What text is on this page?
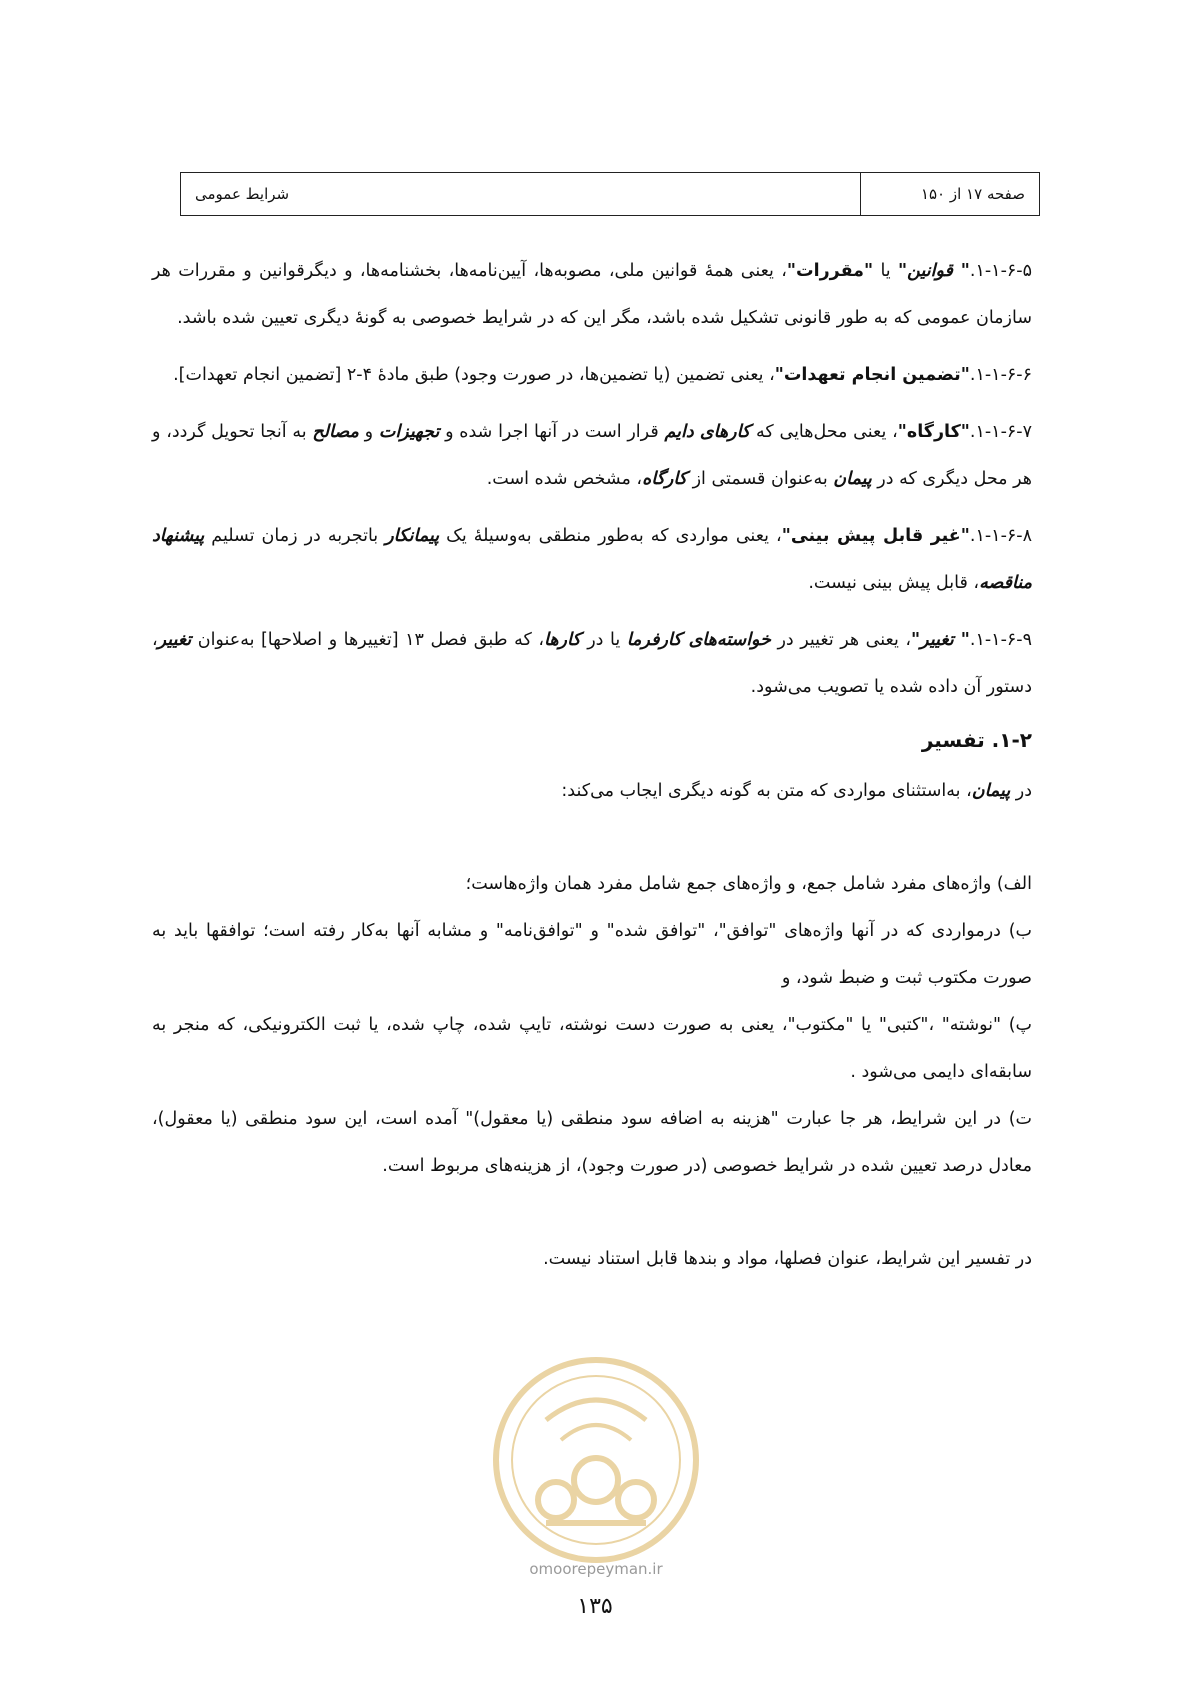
شرایط عمومی	صفحه ۱۷ از ۱۵۰

۱-۱-۶-۵." قوانین" یا "مقررات"، یعنی همهٔ قوانین ملی، مصوبه‌ها، آیین‌نامه‌ها، بخشنامه‌ها، و دیگرقوانین و مقررات هر سازمان عمومی که به طور قانونی تشکیل شده باشد، مگر این که در شرایط خصوصی به گونهٔ دیگری تعیین شده باشد.

۱-۱-۶-۶."تضمین انجام تعهدات"، یعنی تضمین (یا تضمین‌ها، در صورت وجود) طبق مادهٔ ۴-۲ [تضمین انجام تعهدات].

۱-۱-۶-۷."کارگاه"، یعنی محل‌هایی که کارهای دایم قرار است در آنها اجرا شده و تجهیزات و مصالح به آنجا تحویل گردد، و هر محل دیگری که در پیمان به‌عنوان قسمتی از کارگاه، مشخص شده است.

۱-۱-۶-۸."غیر قابل پیش بینی"، یعنی مواردی که به‌طور منطقی به‌وسیلهٔ یک پیمانکار باتجربه در زمان تسلیم پیشنهاد مناقصه، قابل پیش بینی نیست.

۱-۱-۶-۹." تغییر"، یعنی هر تغییر در خواسته‌های کارفرما یا در کارها، که طبق فصل ۱۳ [تغییرها و اصلاحها] به‌عنوان تغییر، دستور آن داده شده یا تصویب می‌شود.

۱-۲. تفسیر

در پیمان، به‌استثنای مواردی که متن به گونه دیگری ایجاب می‌کند:

الف) واژه‌های مفرد شامل جمع، و واژه‌های جمع شامل مفرد همان واژه‌هاست؛

ب) درمواردی که در آنها واژه‌های "توافق"، "توافق شده" و "توافق‌نامه" و مشابه آنها به‌کار رفته است؛ توافقها باید به صورت مکتوب ثبت و ضبط شود، و

پ) "نوشته" ،"کتبی" یا "مکتوب"، یعنی به صورت دست نوشته، تایپ شده، چاپ شده، یا ثبت الکترونیکی، که منجر به سابقه‌ای دایمی می‌شود .

ت) در این شرایط، هر جا عبارت "هزینه به اضافه سود منطقی (یا معقول)" آمده است، این سود منطقی (یا معقول)، معادل درصد تعیین شده در شرایط خصوصی (در صورت وجود)، از هزینه‌های مربوط است.

در تفسیر این شرایط، عنوان فصلها، مواد و بندها قابل استناد نیست.

omoorepeyman.ir
۱۳۵
